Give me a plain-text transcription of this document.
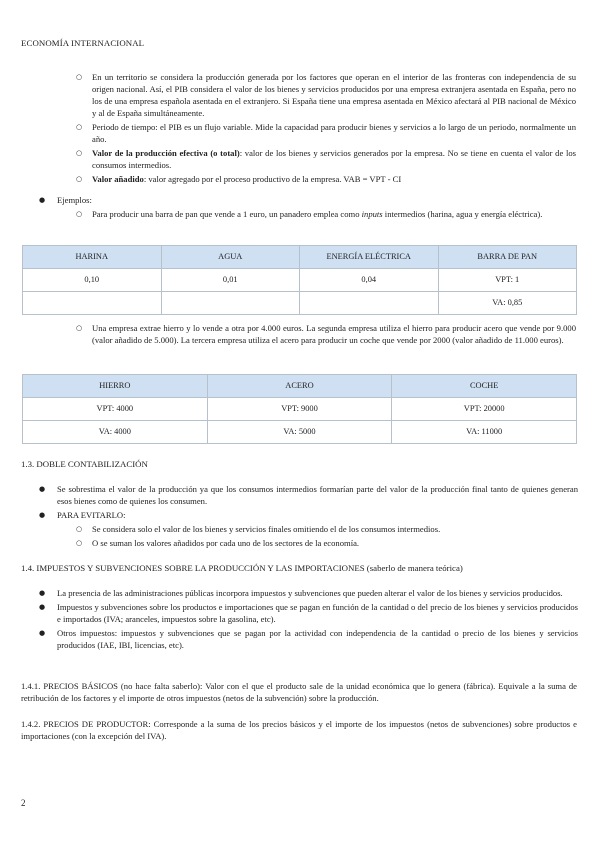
ECONOMÍA INTERNACIONAL
○ En un territorio se considera la producción generada por los factores que operan en el interior de las fronteras con independencia de su origen nacional. Así, el PIB considera el valor de los bienes y servicios producidos por una empresa extranjera asentada en España, pero no los de una empresa española asentada en el extranjero. Si España tiene una empresa asentada en México afectará al PIB nacional de México y al de España simultáneamente.
○ Periodo de tiempo: el PIB es un flujo variable. Mide la capacidad para producir bienes y servicios a lo largo de un periodo, normalmente un año.
○ Valor de la producción efectiva (o total): valor de los bienes y servicios generados por la empresa. No se tiene en cuenta el valor de los consumos intermedios.
○ Valor añadido: valor agregado por el proceso productivo de la empresa. VAB = VPT - CI
● Ejemplos:
○ Para producir una barra de pan que vende a 1 euro, un panadero emplea como inputs intermedios (harina, agua y energía eléctrica).
HARINA	AGUA	ENERGÍA ELÉCTRICA	BARRA DE PAN
0,10	0,01	0,04	VPT: 1
			VA: 0,85
○ Una empresa extrae hierro y lo vende a otra por 4.000 euros. La segunda empresa utiliza el hierro para producir acero que vende por 9.000 (valor añadido de 5.000). La tercera empresa utiliza el acero para producir un coche que vende por 2000 (valor añadido de 11.000 euros).
HIERRO	ACERO	COCHE
VPT: 4000	VPT: 9000	VPT: 20000
VA: 4000	VA: 5000	VA: 11000
1.3. DOBLE CONTABILIZACIÓN
● Se sobrestima el valor de la producción ya que los consumos intermedios formarían parte del valor de la producción final tanto de quienes generan esos bienes como de quienes los consumen.
● PARA EVITARLO:
○ Se considera solo el valor de los bienes y servicios finales omitiendo el de los consumos intermedios.
○ O se suman los valores añadidos por cada uno de los sectores de la economía.
1.4. IMPUESTOS Y SUBVENCIONES SOBRE LA PRODUCCIÓN Y LAS IMPORTACIONES (saberlo de manera teórica)
● La presencia de las administraciones públicas incorpora impuestos y subvenciones que pueden alterar el valor de los bienes y servicios producidos.
● Impuestos y subvenciones sobre los productos e importaciones que se pagan en función de la cantidad o del precio de los bienes y servicios producidos e importados (IVA; aranceles, impuestos sobre la gasolina, etc).
● Otros impuestos: impuestos y subvenciones que se pagan por la actividad con independencia de la cantidad o precio de los bienes y servicios producidos (IAE, IBI, licencias, etc).
1.4.1. PRECIOS BÁSICOS (no hace falta saberlo): Valor con el que el producto sale de la unidad económica que lo genera (fábrica). Equivale a la suma de retribución de los factores y el importe de otros impuestos (netos de la subvención) sobre la producción.
1.4.2. PRECIOS DE PRODUCTOR: Corresponde a la suma de los precios básicos y el importe de los impuestos (netos de subvenciones) sobre productos e importaciones (con la excepción del IVA).
2
